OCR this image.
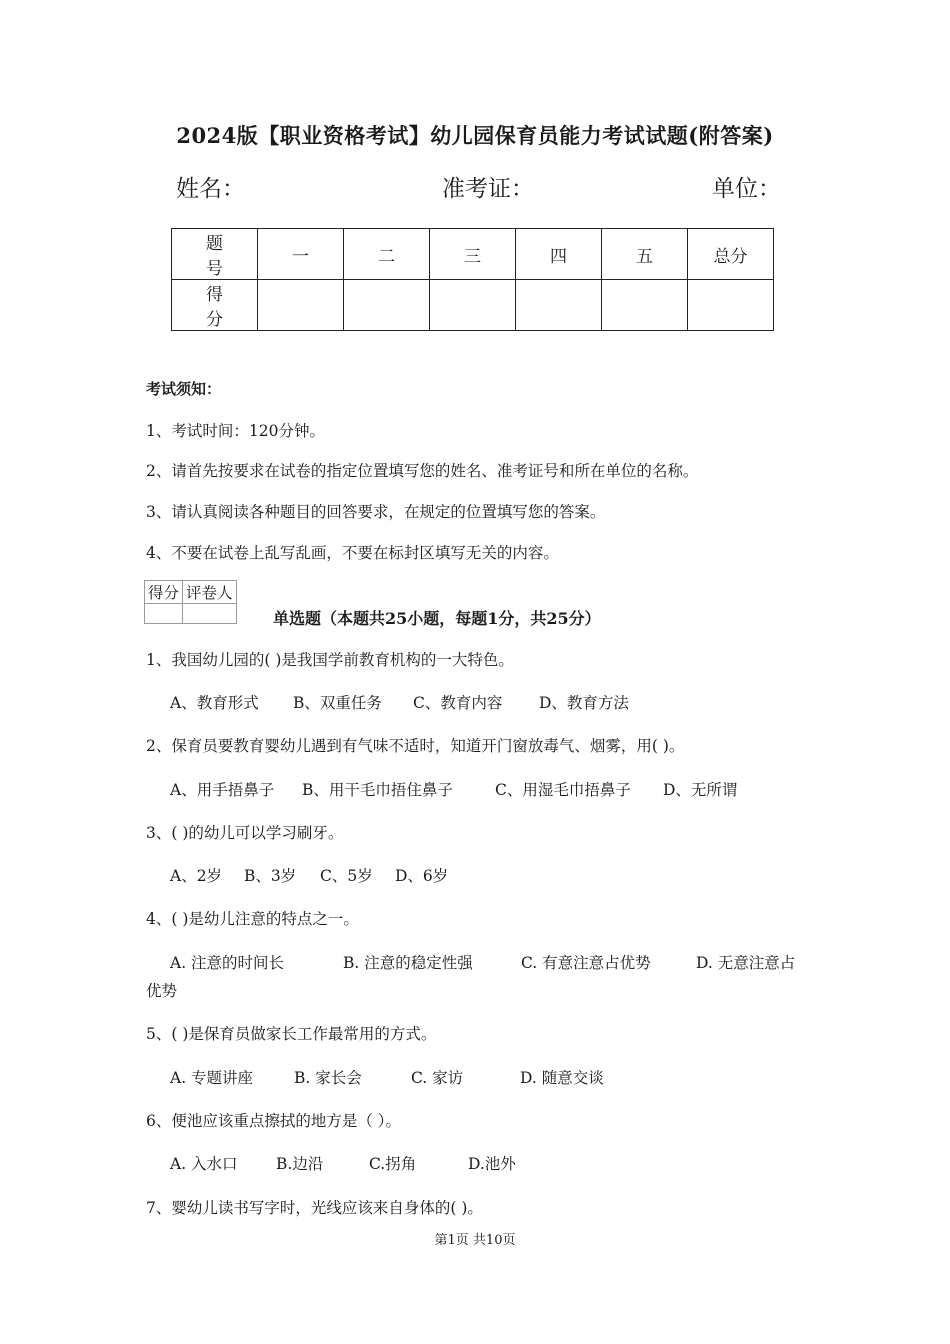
2024版【职业资格考试】幼儿园保育员能力考试试题(附答案)
姓名：	准考证：	单位：
题 号	一	二	三	四	五	总分
得 分						
考试须知：
1、考试时间：120分钟。
2、请首先按要求在试卷的指定位置填写您的姓名、准考证号和所在单位的名称。
3、请认真阅读各种题目的回答要求，在规定的位置填写您的答案。
4、不要在试卷上乱写乱画，不要在标封区填写无关的内容。
得分	评卷人

单选题（本题共25小题，每题1分，共25分）
1、我国幼儿园的( )是我国学前教育机构的一大特色。
A、教育形式 B、双重任务 C、教育内容 D、教育方法
2、保育员要教育婴幼儿遇到有气味不适时，知道开门窗放毒气、烟雾，用( )。
A、用手捂鼻子 B、用干毛巾捂住鼻子	C、用湿毛巾捂鼻子 D、无所谓
3、( )的幼儿可以学习刷牙。
A、2岁 B、3岁 C、5岁 D、6岁
4、( )是幼儿注意的特点之一。
A. 注意的时间长	B. 注意的稳定性强	C. 有意注意占优势	D. 无意注意占
优势
5、( )是保育员做家长工作最常用的方式。
A. 专题讲座	B. 家长会	C. 家访	D. 随意交谈
6、便池应该重点擦拭的地方是（ ）。
A. 入水口 B.边沿	C.拐角	D.池外
7、婴幼儿读书写字时，光线应该来自身体的( )。
第1页 共10页
